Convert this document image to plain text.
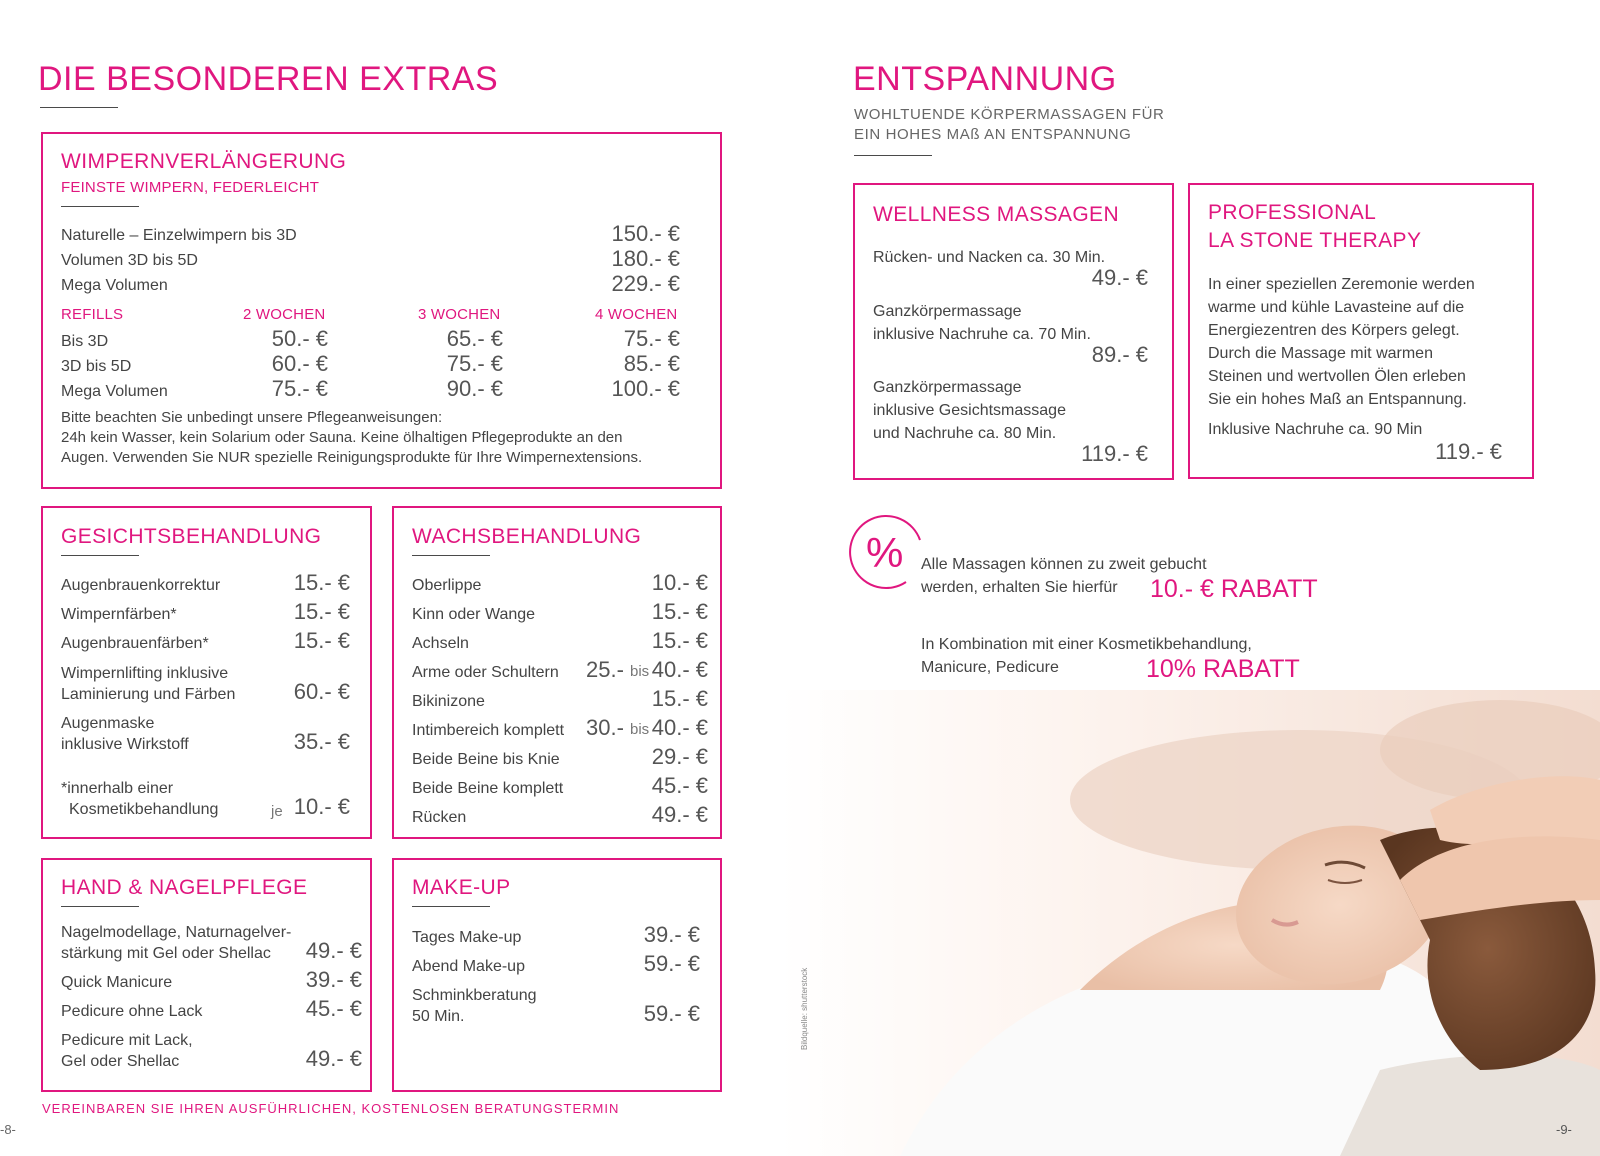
DIE BESONDEREN EXTRAS
WIMPERNVERLÄNGERUNG
FEINSTE WIMPERN, FEDERLEICHT
Naturelle – Einzelwimpern bis 3D	150.- €
Volumen 3D bis 5D	180.- €
Mega Volumen	229.- €
REFILLS	2 WOCHEN	3 WOCHEN	4 WOCHEN
Bis 3D	50.- €	65.- €	75.- €
3D bis 5D	60.- €	75.- €	85.- €
Mega Volumen	75.- €	90.- €	100.- €
Bitte beachten Sie unbedingt unsere Pflegeanweisungen:
24h kein Wasser, kein Solarium oder Sauna. Keine ölhaltigen Pflegeprodukte an den
Augen. Verwenden Sie NUR spezielle Reinigungsprodukte für Ihre Wimpernextensions.
GESICHTSBEHANDLUNG
Augenbrauenkorrektur	15.- €
Wimpernfärben*	15.- €
Augenbrauenfärben*	15.- €
Wimpernlifting inklusive
Laminierung und Färben	60.- €
Augenmaske
inklusive Wirkstoff	35.- €
*innerhalb einer
Kosmetikbehandlung	je 10.- €
WACHSBEHANDLUNG
Oberlippe	10.- €
Kinn oder Wange	15.- €
Achseln	15.- €
Arme oder Schultern 25.- bis 40.- €
Bikinizone	15.- €
Intimbereich komplett 30.- bis 40.- €
Beide Beine bis Knie	29.- €
Beide Beine komplett	45.- €
Rücken	49.- €
HAND & NAGELPFLEGE
Nagelmodellage, Naturnagelver-
stärkung mit Gel oder Shellac	49.- €
Quick Manicure	39.- €
Pedicure ohne Lack	45.- €
Pedicure mit Lack,
Gel oder Shellac	49.- €
MAKE-UP
Tages Make-up	39.- €
Abend Make-up	59.- €
Schminkberatung
50 Min.	59.- €
VEREINBAREN SIE IHREN AUSFÜHRLICHEN, KOSTENLOSEN BERATUNGSTERMIN
-8-
ENTSPANNUNG
WOHLTUENDE KÖRPERMASSAGEN FÜR
EIN HOHES MAß AN ENTSPANNUNG
WELLNESS MASSAGEN
Rücken- und Nacken ca. 30 Min.
49.- €
Ganzkörpermassage
inklusive Nachruhe ca. 70 Min.
89.- €
Ganzkörpermassage
inklusive Gesichtsmassage
und Nachruhe ca. 80 Min.
119.- €
PROFESSIONAL
LA STONE THERAPY
In einer speziellen Zeremonie werden
warme und kühle Lavasteine auf die
Energiezentren des Körpers gelegt.
Durch die Massage mit warmen
Steinen und wertvollen Ölen erleben
Sie ein hohes Maß an Entspannung.
Inklusive Nachruhe ca. 90 Min
119.- €
% Alle Massagen können zu zweit gebucht
werden, erhalten Sie hierfür 10.- € RABATT
In Kombination mit einer Kosmetikbehandlung,
Manicure, Pedicure	10% RABATT
Bildquelle: shutterstock
-9-
